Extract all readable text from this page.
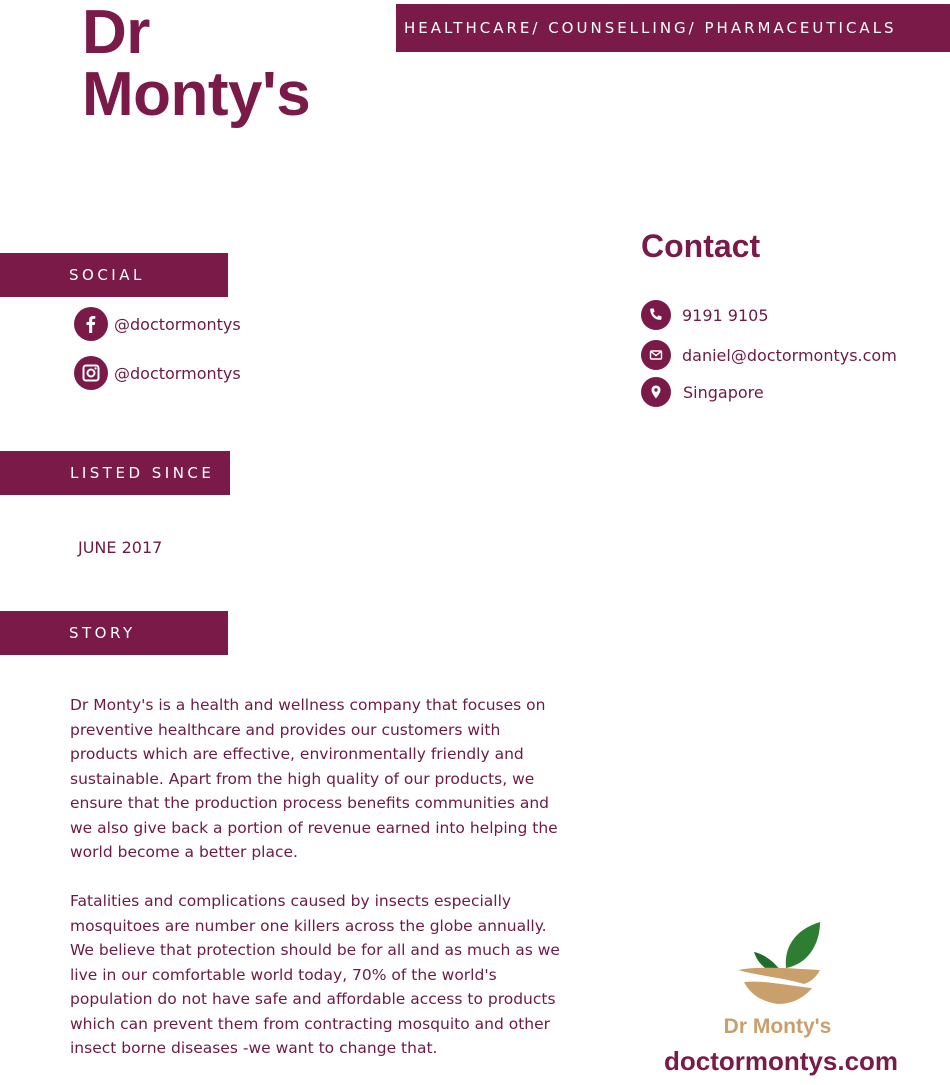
Dr
Monty's
HEALTHCARE/ COUNSELLING/ PHARMACEUTICALS
SOCIAL
@doctormontys
@doctormontys
LISTED SINCE
JUNE 2017
STORY
Dr Monty's is a health and wellness company that focuses on preventive healthcare and provides our customers with products which are effective, environmentally friendly and sustainable. Apart from the high quality of our products, we ensure that the production process benefits communities and we also give back a portion of revenue earned into helping the world become a better place.
Fatalities and complications caused by insects especially mosquitoes are number one killers across the globe annually. We believe that protection should be for all and as much as we live in our comfortable world today, 70% of the world's population do not have safe and affordable access to products which can prevent them from contracting mosquito and other insect borne diseases -we want to change that.
Contact
9191 9105
daniel@doctormontys.com
Singapore
Dr Monty's
doctormontys.com
